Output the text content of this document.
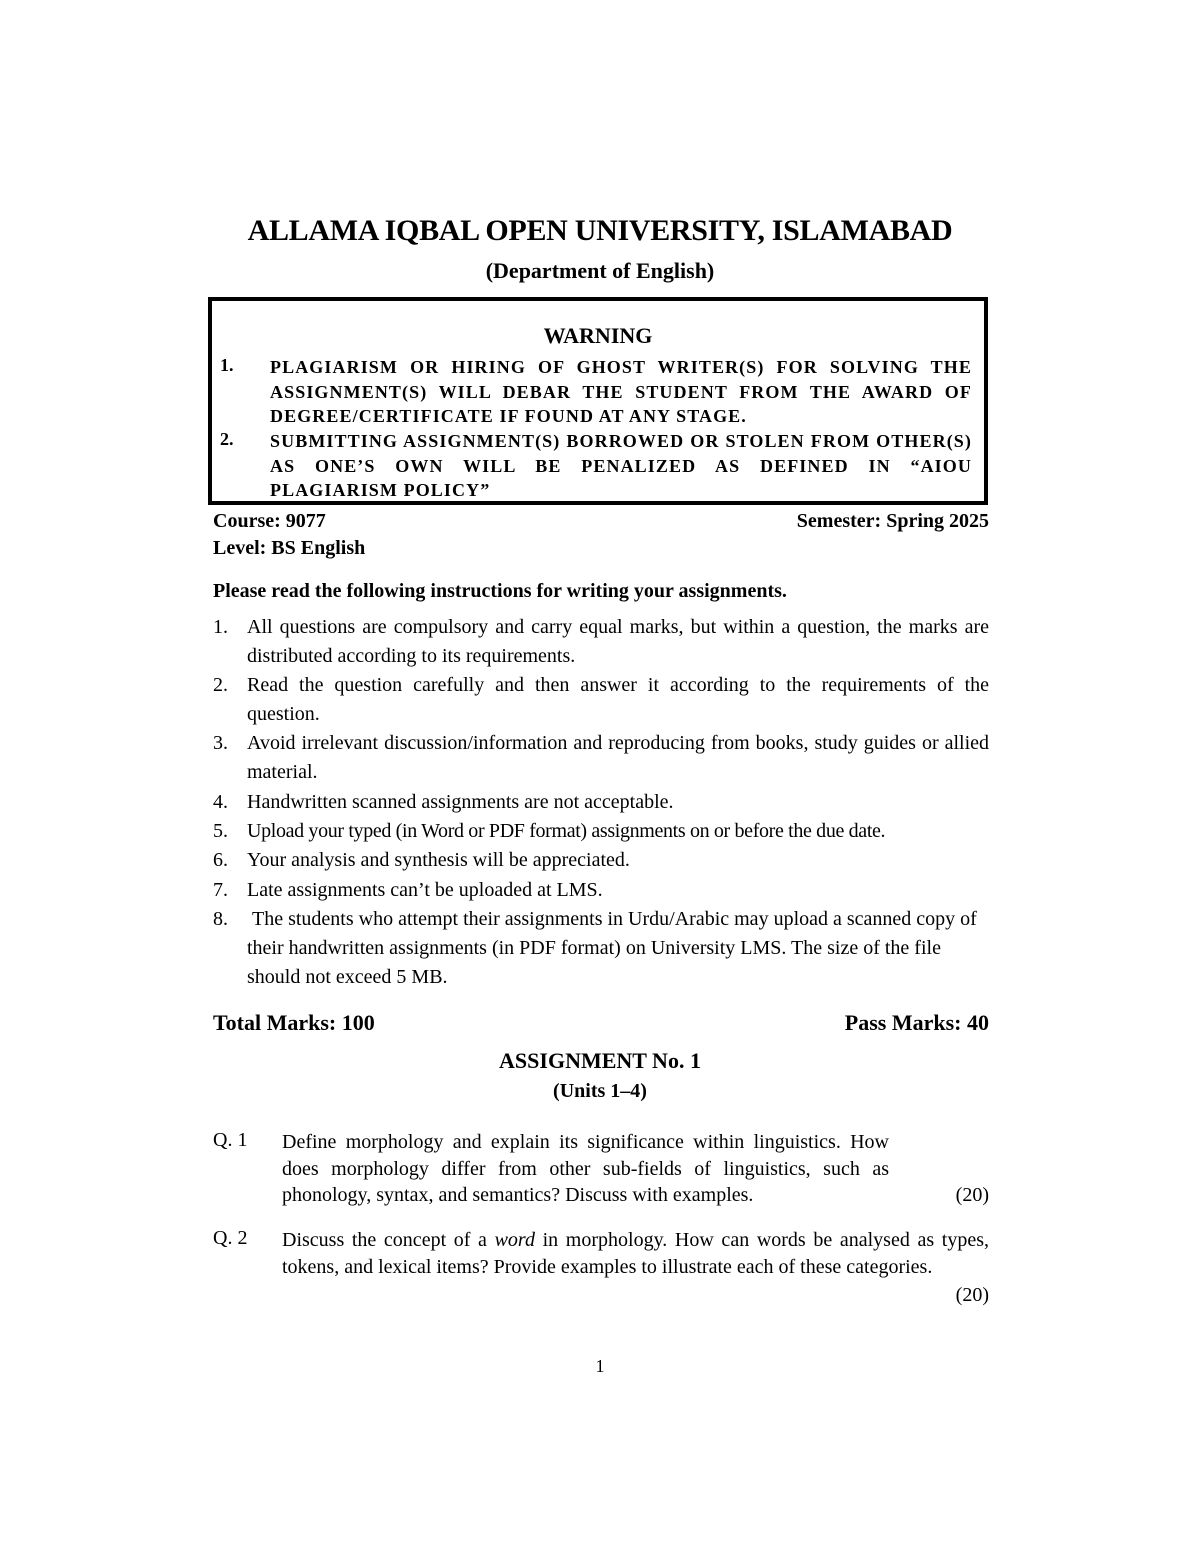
ALLAMA IQBAL OPEN UNIVERSITY, ISLAMABAD
(Department of English)
WARNING
1. PLAGIARISM OR HIRING OF GHOST WRITER(S) FOR SOLVING THE ASSIGNMENT(S) WILL DEBAR THE STUDENT FROM THE AWARD OF DEGREE/CERTIFICATE IF FOUND AT ANY STAGE.
2. SUBMITTING ASSIGNMENT(S) BORROWED OR STOLEN FROM OTHER(S) AS ONE’S OWN WILL BE PENALIZED AS DEFINED IN “AIOU PLAGIARISM POLICY”
Course: 9077	Semester: Spring 2025
Level: BS English
Please read the following instructions for writing your assignments.
1. All questions are compulsory and carry equal marks, but within a question, the marks are distributed according to its requirements.
2. Read the question carefully and then answer it according to the requirements of the question.
3. Avoid irrelevant discussion/information and reproducing from books, study guides or allied material.
4. Handwritten scanned assignments are not acceptable.
5. Upload your typed (in Word or PDF format) assignments on or before the due date.
6. Your analysis and synthesis will be appreciated.
7. Late assignments can’t be uploaded at LMS.
8. The students who attempt their assignments in Urdu/Arabic may upload a scanned copy of their handwritten assignments (in PDF format) on University LMS. The size of the file should not exceed 5 MB.
Total Marks: 100	Pass Marks: 40
ASSIGNMENT No. 1
(Units 1–4)
Q. 1 Define morphology and explain its significance within linguistics. How does morphology differ from other sub-fields of linguistics, such as phonology, syntax, and semantics? Discuss with examples.	(20)
Q. 2 Discuss the concept of a word in morphology. How can words be analysed as types, tokens, and lexical items? Provide examples to illustrate each of these categories.
(20)
1
